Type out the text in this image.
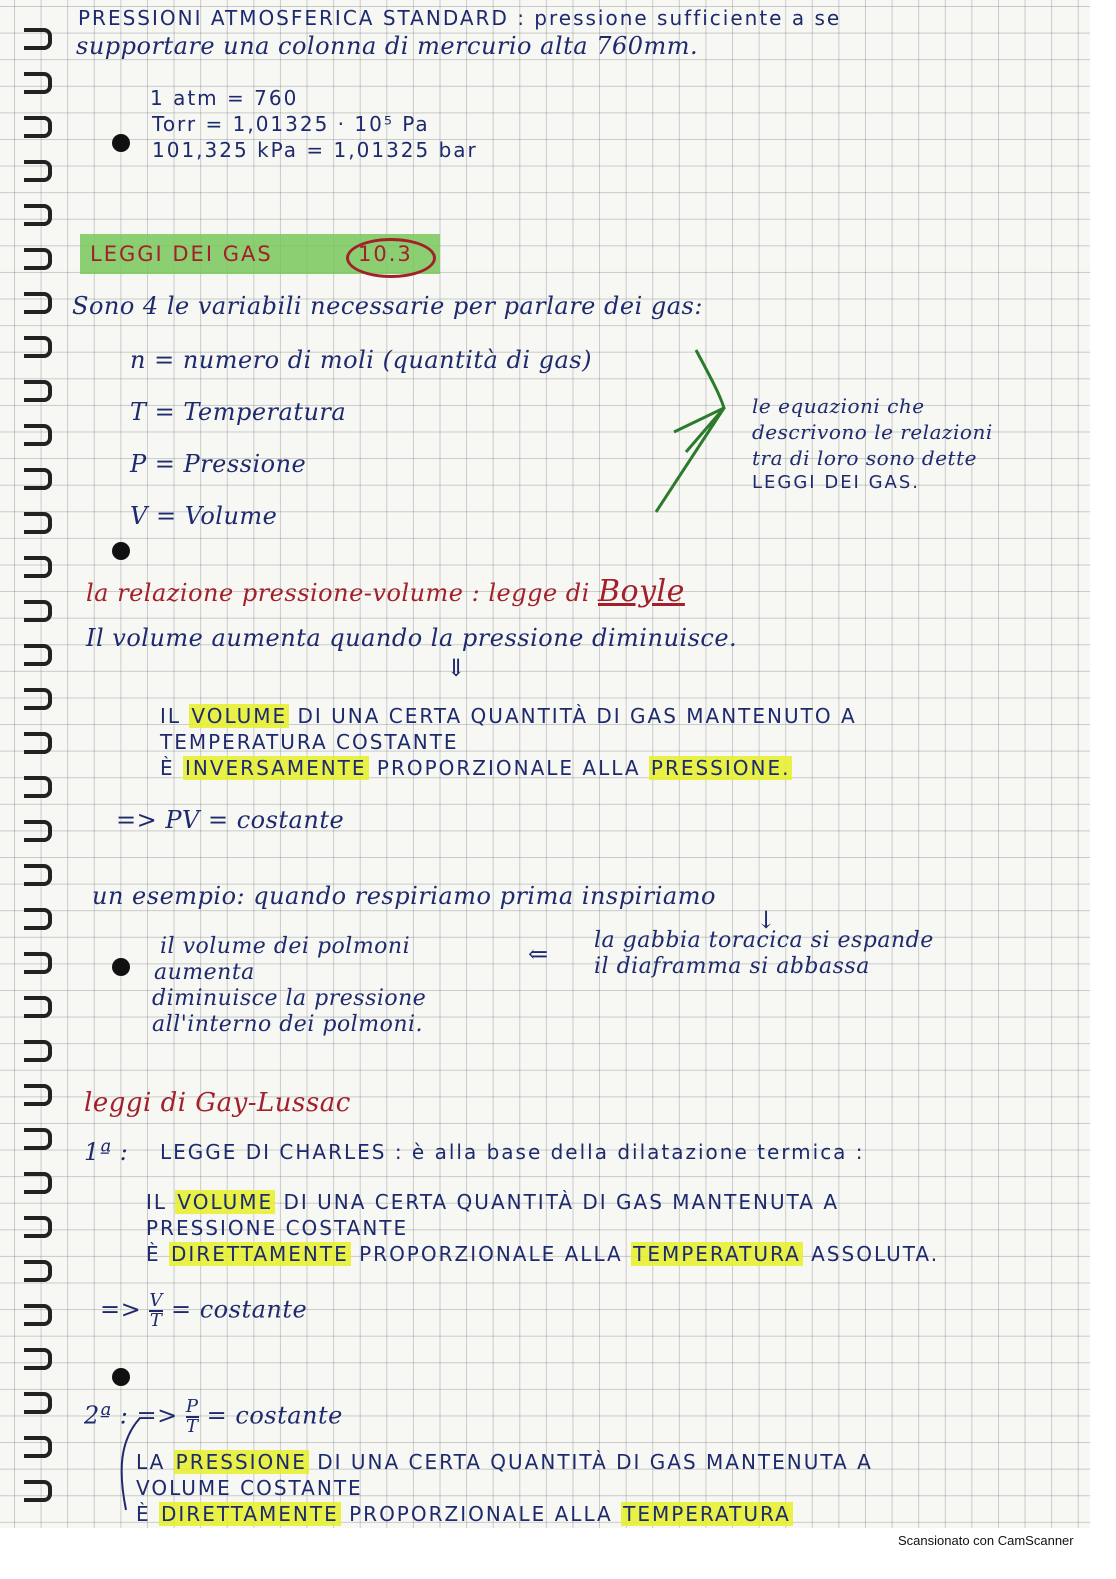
PRESSIONI ATMOSFERICA STANDARD : pressione sufficiente a se
supportare una colonna di mercurio alta 760mm.
1 atm = 760
Torr = 1,01325 · 10⁵ Pa
101,325 kPa = 1,01325 bar
LEGGI DEI GAS	10.3
Sono 4 le variabili necessarie per parlare dei gas:
n = numero di moli (quantità di gas)
T = Temperatura
P = Pressione
V = Volume
le equazioni che
descrivono le relazioni
tra di loro sono dette
LEGGI DEI GAS.
la relazione pressione-volume : legge di Boyle
Il volume aumenta quando la pressione diminuisce.
⇓
IL VOLUME DI UNA CERTA QUANTITÀ DI GAS MANTENUTO A
TEMPERATURA COSTANTE
È INVERSAMENTE PROPORZIONALE ALLA PRESSIONE.
=> PV = costante
un esempio: quando respiriamo prima inspiriamo
↓
il volume dei polmoni
aumenta
diminuisce la pressione
all'interno dei polmoni.
⇐ la gabbia toracica si espande
il diaframma si abbassa
leggi di Gay-Lussac
1ª : LEGGE DI CHARLES : è alla base della dilatazione termica :
IL VOLUME DI UNA CERTA QUANTITÀ DI GAS MANTENUTA A
PRESSIONE COSTANTE
È DIRETTAMENTE PROPORZIONALE ALLA TEMPERATURA ASSOLUTA.
=> $\frac{V}{T}$ = costante
2ª : => $\frac{P}{T}$ = costante
LA PRESSIONE DI UNA CERTA QUANTITÀ DI GAS MANTENUTA A
VOLUME COSTANTE
È DIRETTAMENTE PROPORZIONALE ALLA TEMPERATURA
Scansionato con CamScanner
